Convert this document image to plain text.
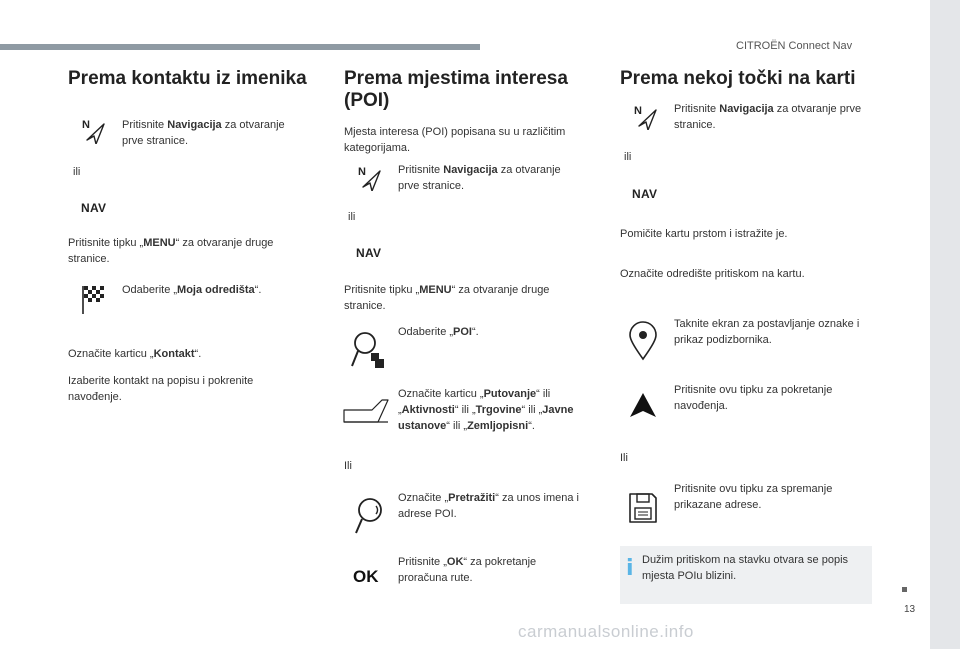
CITROËN Connect Nav
13
carmanualsonline.info
Prema kontaktu iz imenika
N	Pritisnite Navigacija za otvaranje prve stranice.

ili
NAV

Pritisnite tipku „MENU“ za otvaranje druge stranice.

Odaberite „Moja odredišta“.

Označite karticu „Kontakt“.

Izaberite kontakt na popisu i pokrenite navođenje.

Prema mjestima interesa
(POI)

Mjesta interesa (POI) popisana su u različitim kategorijama.

N	Pritisnite Navigacija za otvaranje prve stranice.

ili
NAV

Pritisnite tipku „MENU“ za otvaranje druge stranice.

Odaberite „POI“.

Označite karticu „Putovanje“ ili „Aktivnosti“ ili „Trgovine“ ili „Javne ustanove“ ili „Zemljopisni“.

Ili

Označite „Pretražiti“ za unos imena i adrese POI.

OK

Pritisnite „OK“ za pokretanje proračuna rute.

Prema nekoj točki na karti
N	Pritisnite Navigacija za otvaranje prve stranice.

ili
NAV

Pomičite kartu prstom i istražite je.

Označite odredište pritiskom na kartu.

Taknite ekran za postavljanje oznake i prikaz podizbornika.

Pritisnite ovu tipku za pokretanje navođenja.

Ili

Pritisnite ovu tipku za spremanje prikazane adrese.

i Dužim pritiskom na stavku otvara se popis mjesta POIu blizini.
